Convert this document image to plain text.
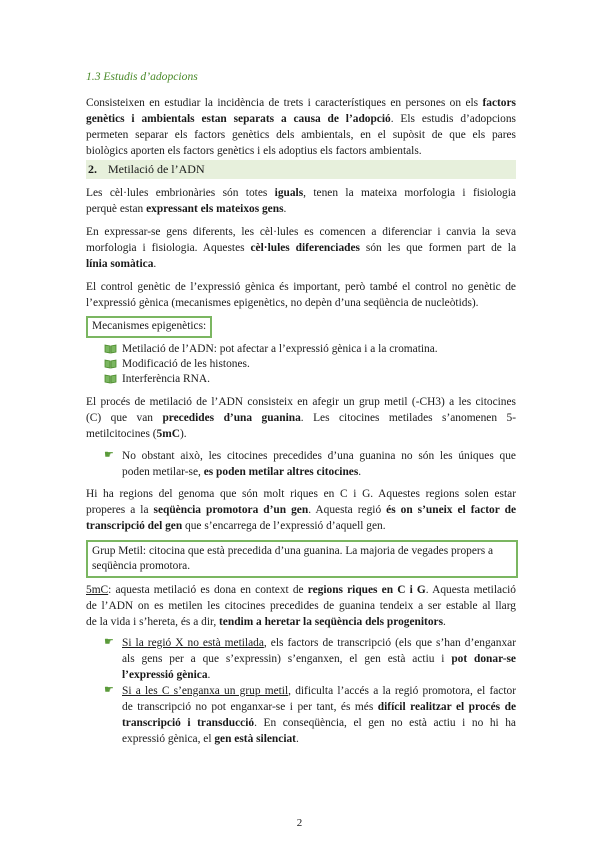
1.3 Estudis d’adopcions
Consisteixen en estudiar la incidència de trets i característiques en persones on els factors
genètics i ambientals estan separats a causa de l’adopció. Els estudis d’adopcions
permeten separar els factors genètics dels ambientals, en el supòsit de que els pares
biològics aporten els factors genètics i els adoptius els factors ambientals.
2. Metilació de l’ADN
Les cèl·lules embrionàries són totes iguals, tenen la mateixa morfologia i fisiologia
perquè estan expressant els mateixos gens.
En expressar-se gens diferents, les cèl·lules es comencen a diferenciar i canvia la seva
morfologia i fisiologia. Aquestes cèl·lules diferenciades són les que formen part de la
línia somàtica.
El control genètic de l’expressió gènica és important, però també el control no genètic de
l’expressió gènica (mecanismes epigenètics, no depèn d’una seqüència de nucleòtids).
Mecanismes epigenètics:
Metilació de l’ADN: pot afectar a l’expressió gènica i a la cromatina.
Modificació de les histones.
Interferència RNA.
El procés de metilació de l’ADN consisteix en afegir un grup metil (-CH3) a les citocines
(C) que van precedides d’una guanina. Les citocines metilades s’anomenen 5-
metilcitocines (5mC).
☛ No obstant això, les citocines precedides d’una guanina no són les úniques que
poden metilar-se, es poden metilar altres citocines.
Hi ha regions del genoma que són molt riques en C i G. Aquestes regions solen estar
properes a la seqüència promotora d’un gen. Aquesta regió és on s’uneix el factor de
transcripció del gen que s’encarrega de l’expressió d’aquell gen.
Grup Metil: citocina que està precedida d’una guanina. La majoria de vegades propers a seqüència promotora.
5mC: aquesta metilació es dona en context de regions riques en C i G. Aquesta metilació
de l’ADN on es metilen les citocines precedides de guanina tendeix a ser estable al llarg
de la vida i s’hereta, és a dir, tendim a heretar la seqüència dels progenitors.
☛ Si la regió X no està metilada, els factors de transcripció (els que s’han d’enganxar
als gens per a que s’expressin) s’enganxen, el gen està actiu i pot donar-se
l’expressió gènica.
☛ Si a les C s’enganxa un grup metil, dificulta l’accés a la regió promotora, el factor
de transcripció no pot enganxar-se i per tant, és més difícil realitzar el procés de
transcripció i transducció. En conseqüència, el gen no està actiu i no hi ha
expressió gènica, el gen està silenciat.
2
